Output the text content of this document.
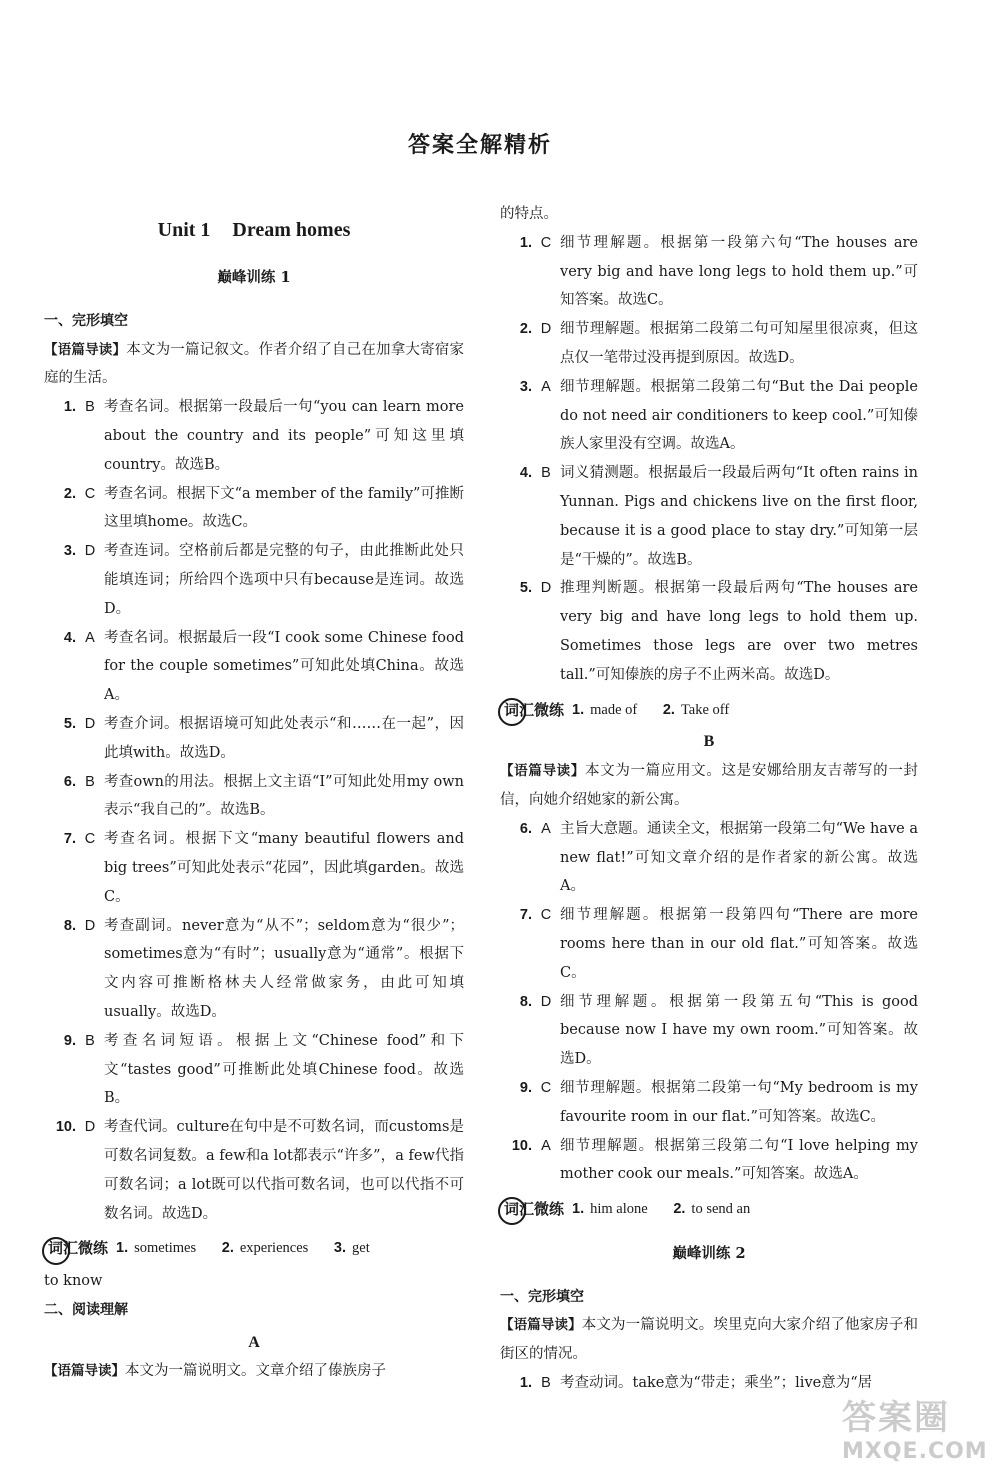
答案全解精析
Unit 1 Dream homes
巅峰训练 1
一、完形填空
【语篇导读】本文为一篇记叙文。作者介绍了自己在加拿大寄宿家庭的生活。
1. B 考查名词。根据第一段最后一句“you can learn more about the country and its people”可知这里填country。故选B。
2. C 考查名词。根据下文“a member of the family”可推断这里填home。故选C。
3. D 考查连词。空格前后都是完整的句子，由此推断此处只能填连词；所给四个选项中只有because是连词。故选D。
4. A 考查名词。根据最后一段“I cook some Chinese food for the couple sometimes”可知此处填China。故选A。
5. D 考查介词。根据语境可知此处表示“和……在一起”，因此填with。故选D。
6. B 考查own的用法。根据上文主语“I”可知此处用my own表示“我自己的”。故选B。
7. C 考查名词。根据下文“many beautiful flowers and big trees”可知此处表示“花园”，因此填garden。故选C。
8. D 考查副词。never意为“从不”；seldom意为“很少”；sometimes意为“有时”；usually意为“通常”。根据下文内容可推断格林夫人经常做家务，由此可知填usually。故选D。
9. B 考查名词短语。根据上文“Chinese food”和下文“tastes good”可推断此处填Chinese food。故选B。
10. D 考查代词。culture在句中是不可数名词，而customs是可数名词复数。a few和a lot都表示“许多”，a few代指可数名词；a lot既可以代指可数名词，也可以代指不可数名词。故选D。
词汇微练 1. sometimes 2. experiences 3. get
to know
二、阅读理解
A
【语篇导读】本文为一篇说明文。文章介绍了傣族房子
的特点。
1. C 细节理解题。根据第一段第六句“The houses are very big and have long legs to hold them up.”可知答案。故选C。
2. D 细节理解题。根据第二段第二句可知屋里很凉爽，但这点仅一笔带过没再提到原因。故选D。
3. A 细节理解题。根据第二段第二句“But the Dai people do not need air conditioners to keep cool.”可知傣族人家里没有空调。故选A。
4. B 词义猜测题。根据最后一段最后两句“It often rains in Yunnan. Pigs and chickens live on the first floor, because it is a good place to stay dry.”可知第一层是“干燥的”。故选B。
5. D 推理判断题。根据第一段最后两句“The houses are very big and have long legs to hold them up. Sometimes those legs are over two metres tall.”可知傣族的房子不止两米高。故选D。
词汇微练 1. made of 2. Take off
B
【语篇导读】本文为一篇应用文。这是安娜给朋友吉蒂写的一封信，向她介绍她家的新公寓。
6. A 主旨大意题。通读全文，根据第一段第二句“We have a new flat!”可知文章介绍的是作者家的新公寓。故选A。
7. C 细节理解题。根据第一段第四句“There are more rooms here than in our old flat.”可知答案。故选C。
8. D 细节理解题。根据第一段第五句“This is good because now I have my own room.”可知答案。故选D。
9. C 细节理解题。根据第二段第一句“My bedroom is my favourite room in our flat.”可知答案。故选C。
10. A 细节理解题。根据第三段第二句“I love helping my mother cook our meals.”可知答案。故选A。
词汇微练 1. him alone 2. to send an
巅峰训练 2
一、完形填空
【语篇导读】本文为一篇说明文。埃里克向大家介绍了他家房子和街区的情况。
1. B 考查动词。take意为“带走；乘坐”；live意为“居
答案圈
MXQE.COM
